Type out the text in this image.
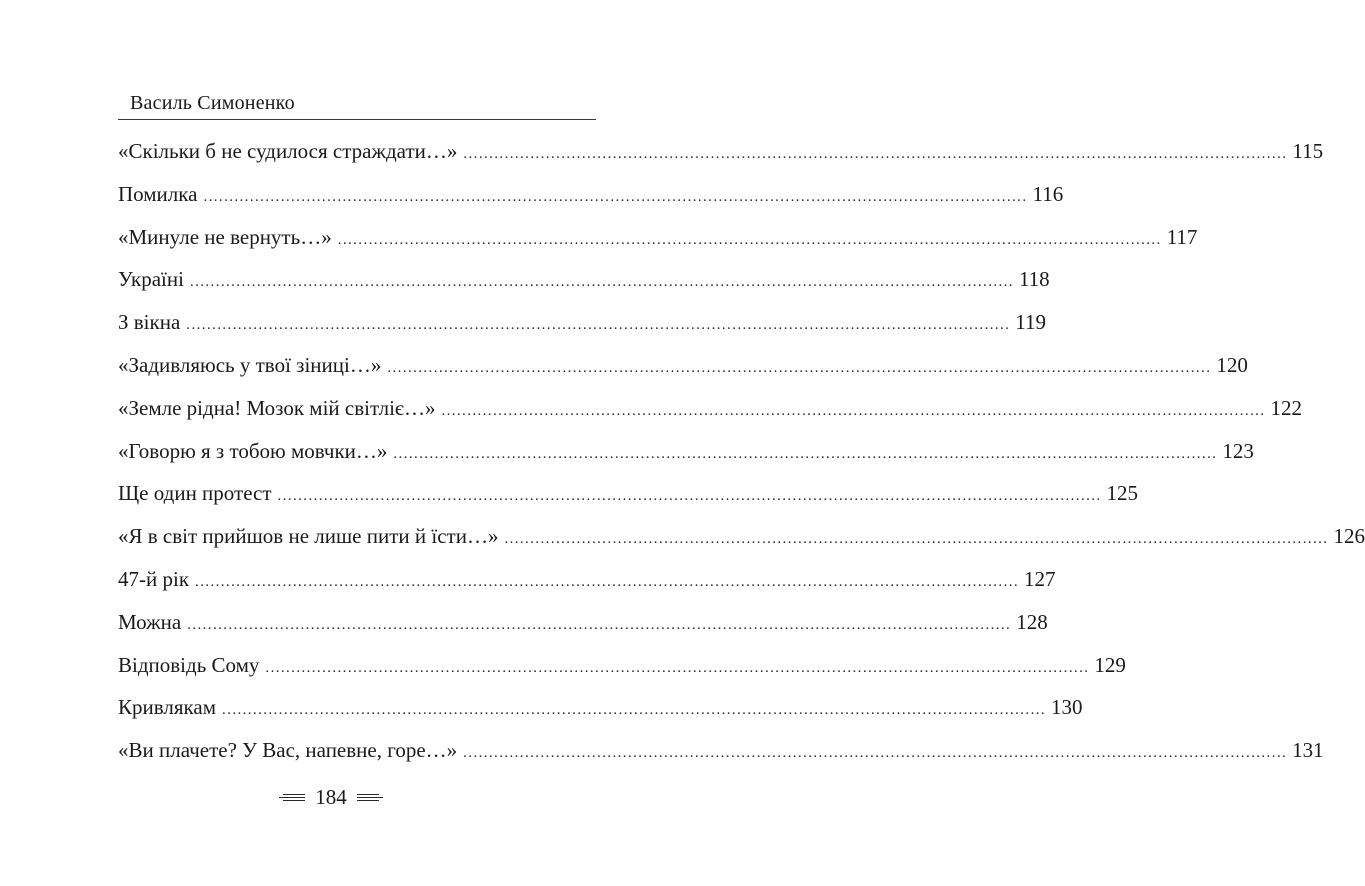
Василь Симоненко
«Скільки б не судилося страждати…» ................................................................................................................................................................ 115
Помилка ................................................................................................................................................................ 116
«Минуле не вернуть…» ................................................................................................................................................................ 117
Україні ................................................................................................................................................................ 118
З вікна ................................................................................................................................................................ 119
«Задивляюсь у твої зіниці…» ................................................................................................................................................................ 120
«Земле рідна! Мозок мій світліє…» ................................................................................................................................................................ 122
«Говорю я з тобою мовчки…» ................................................................................................................................................................ 123
Ще один протест ................................................................................................................................................................ 125
«Я в світ прийшов не лише пити й їсти…» ................................................................................................................................................................ 126
47-й рік ................................................................................................................................................................ 127
Можна ................................................................................................................................................................ 128
Відповідь Сому ................................................................................................................................................................ 129
Кривлякам ................................................................................................................................................................ 130
«Ви плачете? У Вас, напевне, горе…» ................................................................................................................................................................ 131
184
